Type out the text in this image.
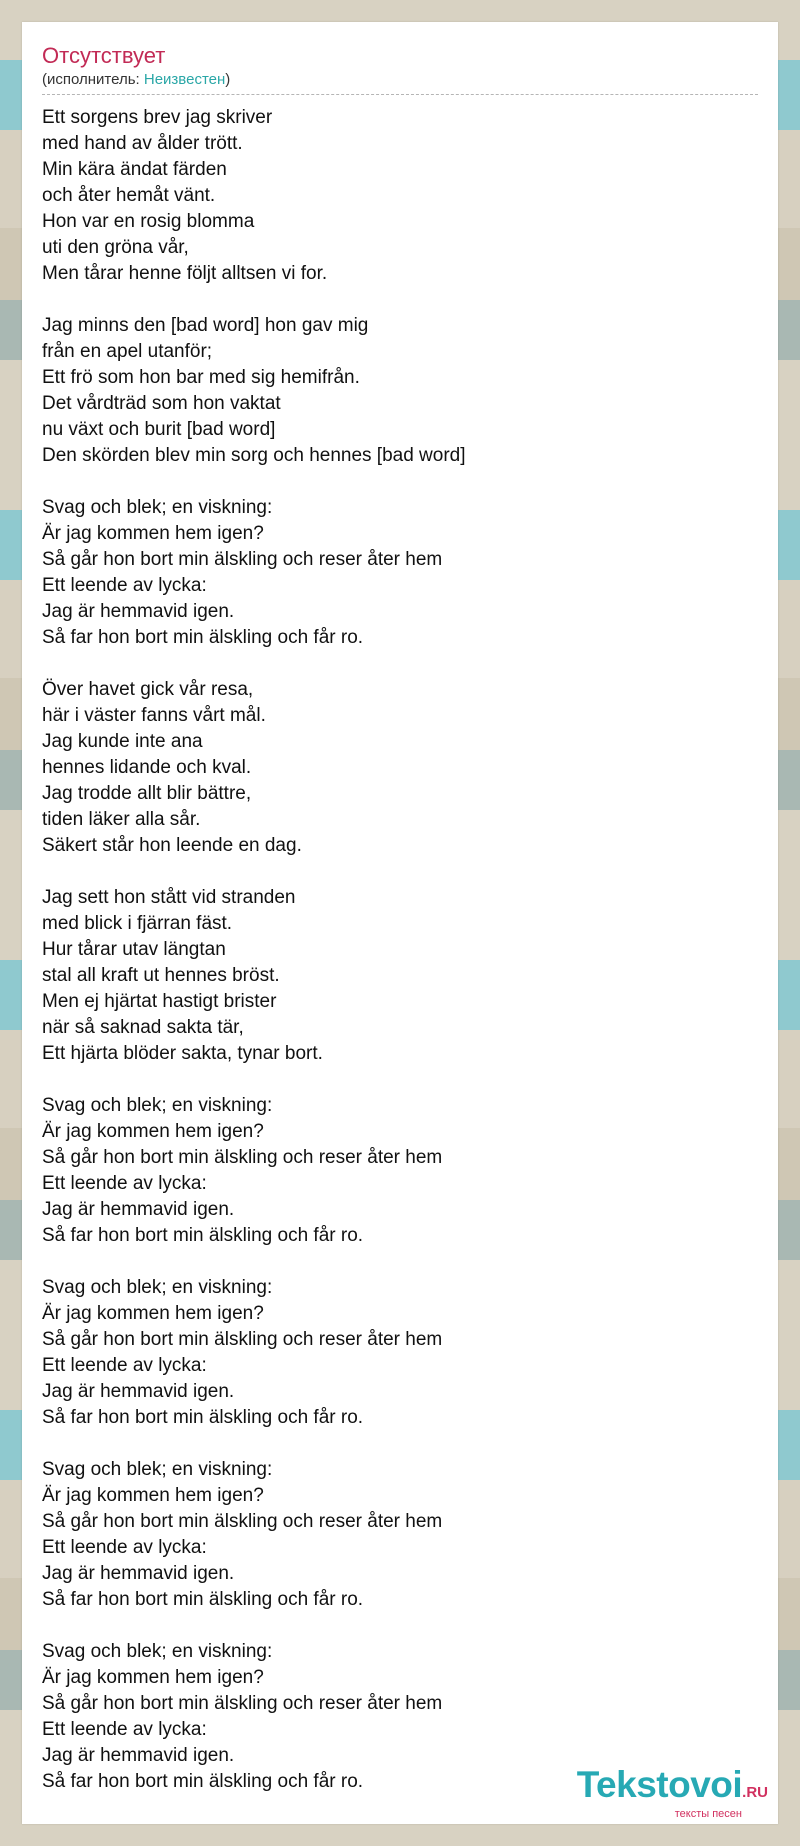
Отсутствует
(исполнитель: Неизвестен)
Ett sorgens brev jag skriver
med hand av ålder trött.
Min kära ändat färden
och åter hemåt vänt.
Hon var en rosig blomma
uti den gröna vår,
Men tårar henne följt alltsen vi for.
Jag minns den [bad word] hon gav mig
från en apel utanför;
Ett frö som hon bar med sig hemifrån.
Det vårdträd som hon vaktat
nu växt och burit [bad word]
Den skörden blev min sorg och hennes [bad word]
Svag och blek; en viskning:
Är jag kommen hem igen?
Så går hon bort min älskling och reser åter hem
Ett leende av lycka:
Jag är hemmavid igen.
Så far hon bort min älskling och får ro.
Över havet gick vår resa,
här i väster fanns vårt mål.
Jag kunde inte ana
hennes lidande och kval.
Jag trodde allt blir bättre,
tiden läker alla sår.
Säkert står hon leende en dag.
Jag sett hon stått vid stranden
med blick i fjärran fäst.
Hur tårar utav längtan
stal all kraft ut hennes bröst.
Men ej hjärtat hastigt brister
när så saknad sakta tär,
Ett hjärta blöder sakta, tynar bort.
Svag och blek; en viskning:
Är jag kommen hem igen?
Så går hon bort min älskling och reser åter hem
Ett leende av lycka:
Jag är hemmavid igen.
Så far hon bort min älskling och får ro.
Svag och blek; en viskning:
Är jag kommen hem igen?
Så går hon bort min älskling och reser åter hem
Ett leende av lycka:
Jag är hemmavid igen.
Så far hon bort min älskling och får ro.
Svag och blek; en viskning:
Är jag kommen hem igen?
Så går hon bort min älskling och reser åter hem
Ett leende av lycka:
Jag är hemmavid igen.
Så far hon bort min älskling och får ro.
Svag och blek; en viskning:
Är jag kommen hem igen?
Så går hon bort min älskling och reser åter hem
Ett leende av lycka:
Jag är hemmavid igen.
Så far hon bort min älskling och får ro.	Tekstovoi.RU
тексты песен
